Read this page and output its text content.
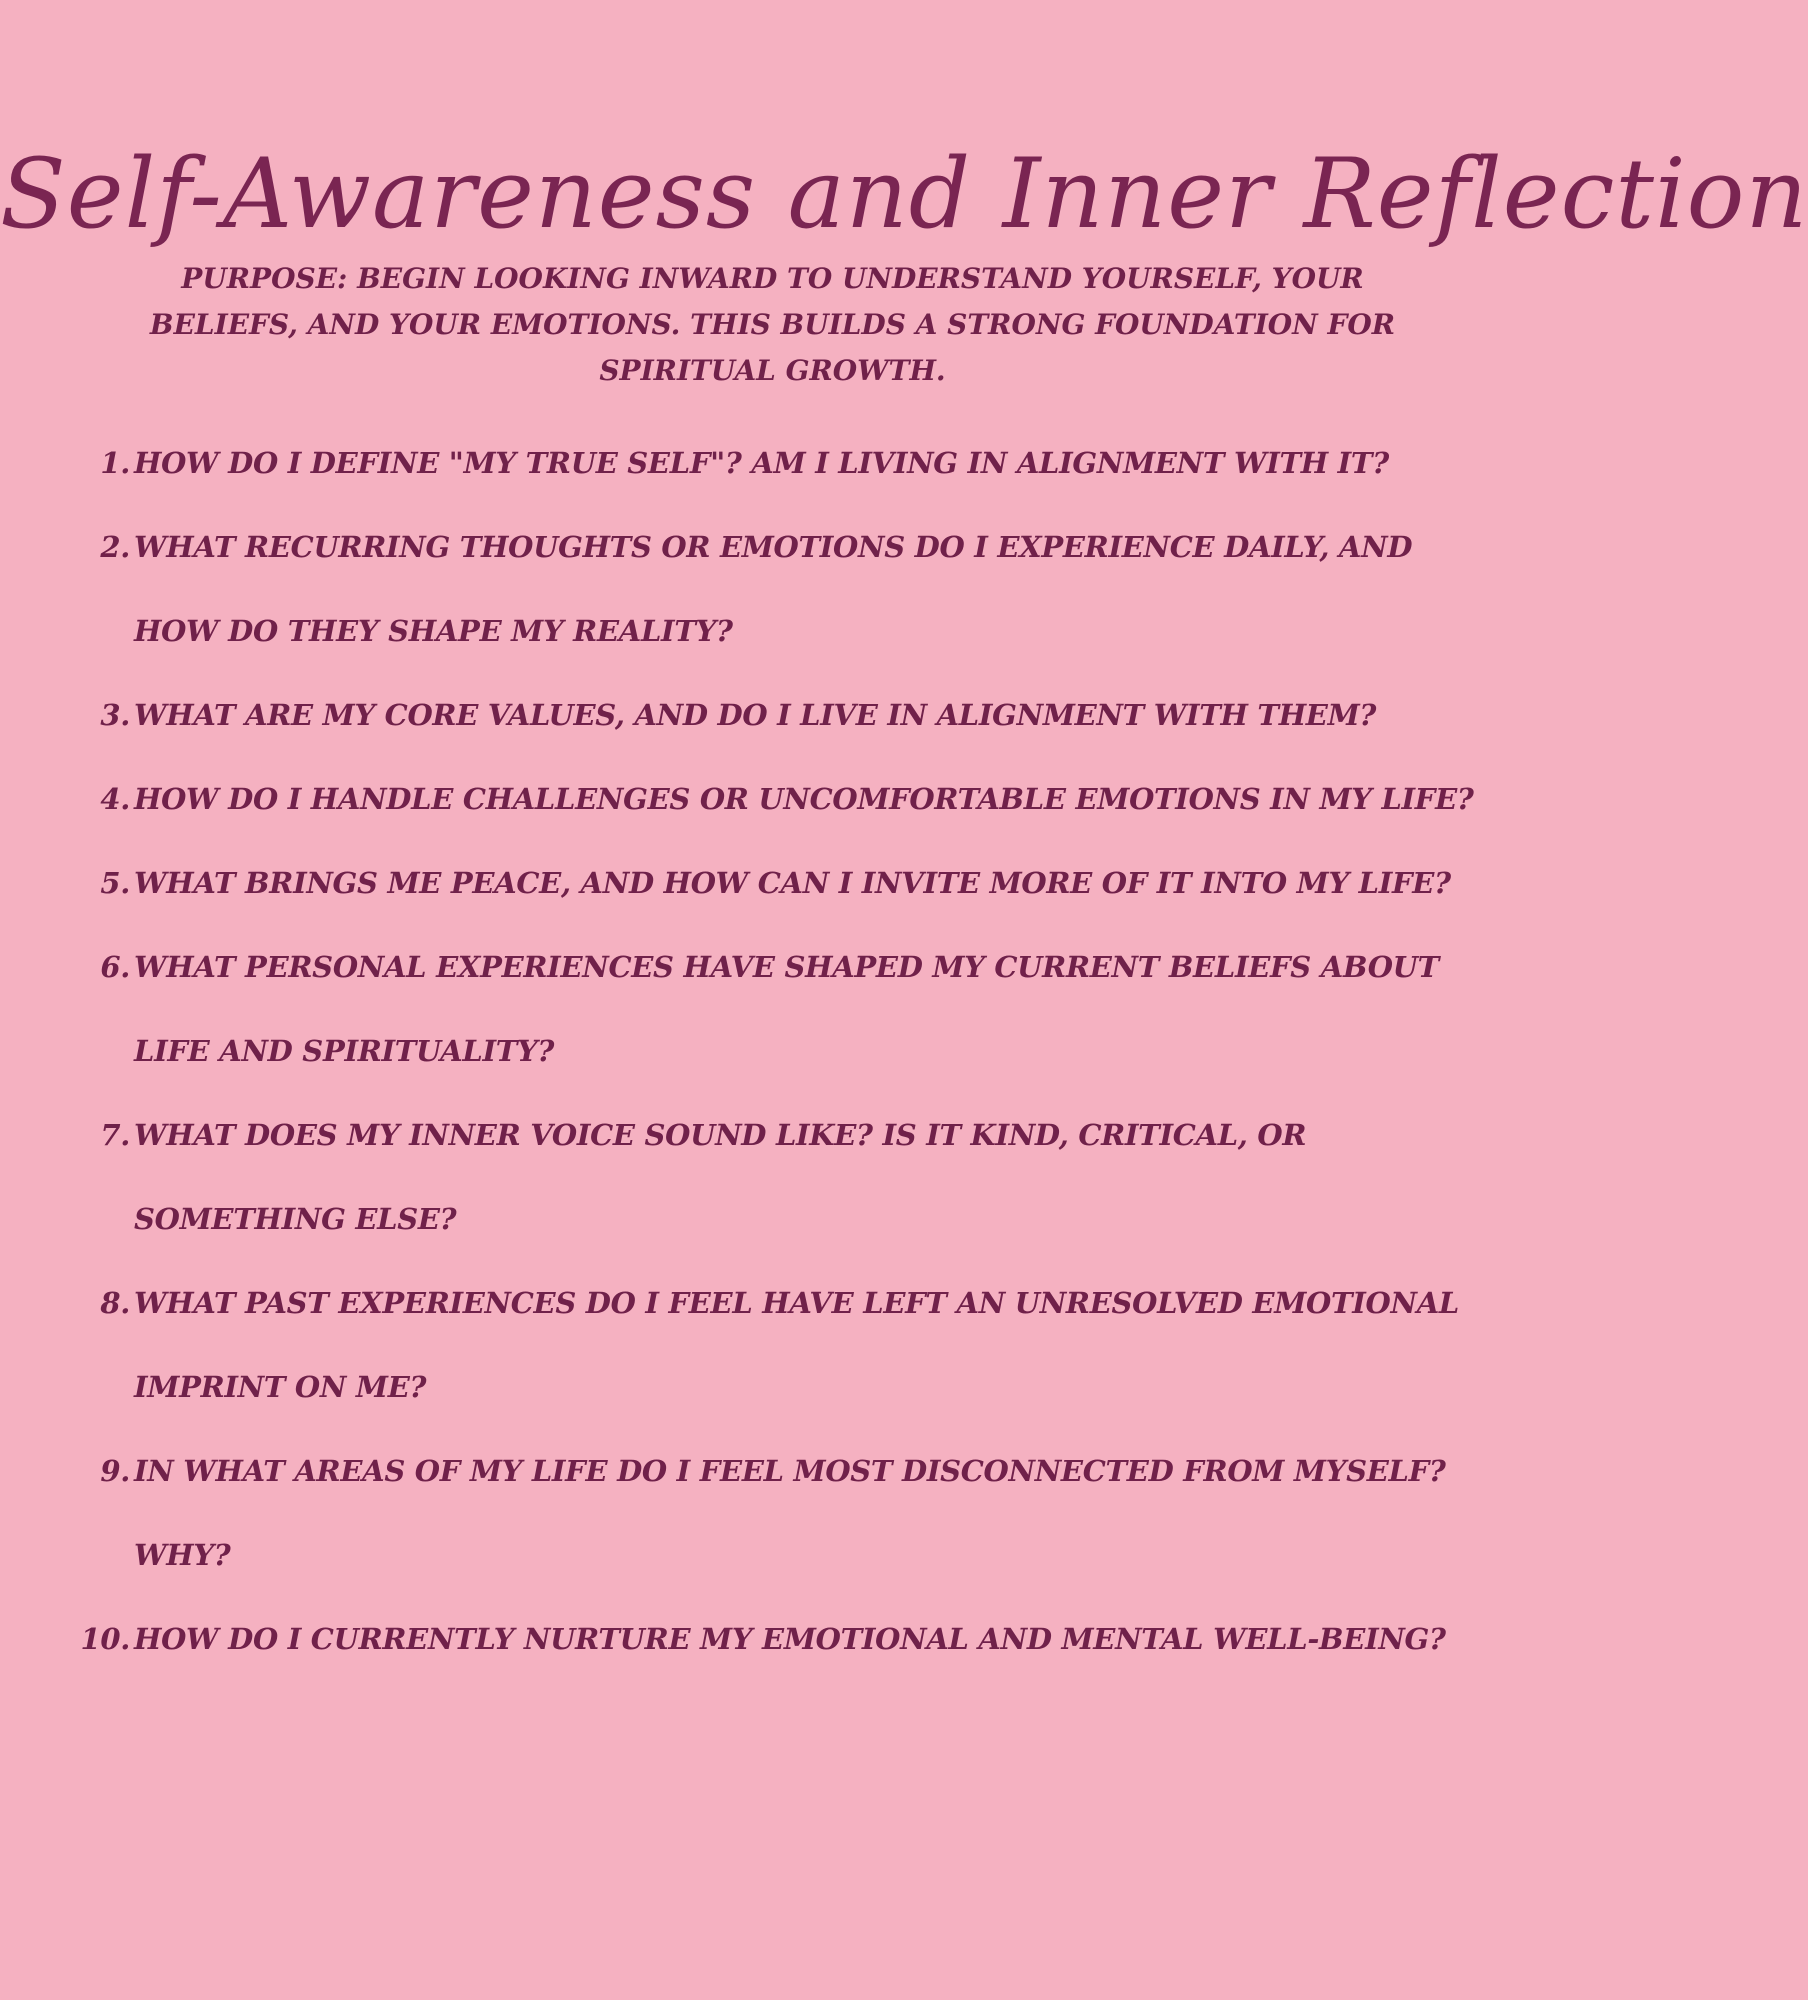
Self-Awareness and Inner Reflection
PURPOSE: BEGIN LOOKING INWARD TO UNDERSTAND YOURSELF, YOUR BELIEFS, AND YOUR EMOTIONS. THIS BUILDS A STRONG FOUNDATION FOR SPIRITUAL GROWTH.
1. HOW DO I DEFINE "MY TRUE SELF"? AM I LIVING IN ALIGNMENT WITH IT?
2. WHAT RECURRING THOUGHTS OR EMOTIONS DO I EXPERIENCE DAILY, AND HOW DO THEY SHAPE MY REALITY?
3. WHAT ARE MY CORE VALUES, AND DO I LIVE IN ALIGNMENT WITH THEM?
4. HOW DO I HANDLE CHALLENGES OR UNCOMFORTABLE EMOTIONS IN MY LIFE?
5. WHAT BRINGS ME PEACE, AND HOW CAN I INVITE MORE OF IT INTO MY LIFE?
6. WHAT PERSONAL EXPERIENCES HAVE SHAPED MY CURRENT BELIEFS ABOUT LIFE AND SPIRITUALITY?
7. WHAT DOES MY INNER VOICE SOUND LIKE? IS IT KIND, CRITICAL, OR SOMETHING ELSE?
8. WHAT PAST EXPERIENCES DO I FEEL HAVE LEFT AN UNRESOLVED EMOTIONAL IMPRINT ON ME?
9. IN WHAT AREAS OF MY LIFE DO I FEEL MOST DISCONNECTED FROM MYSELF? WHY?
10. HOW DO I CURRENTLY NURTURE MY EMOTIONAL AND MENTAL WELL-BEING?
